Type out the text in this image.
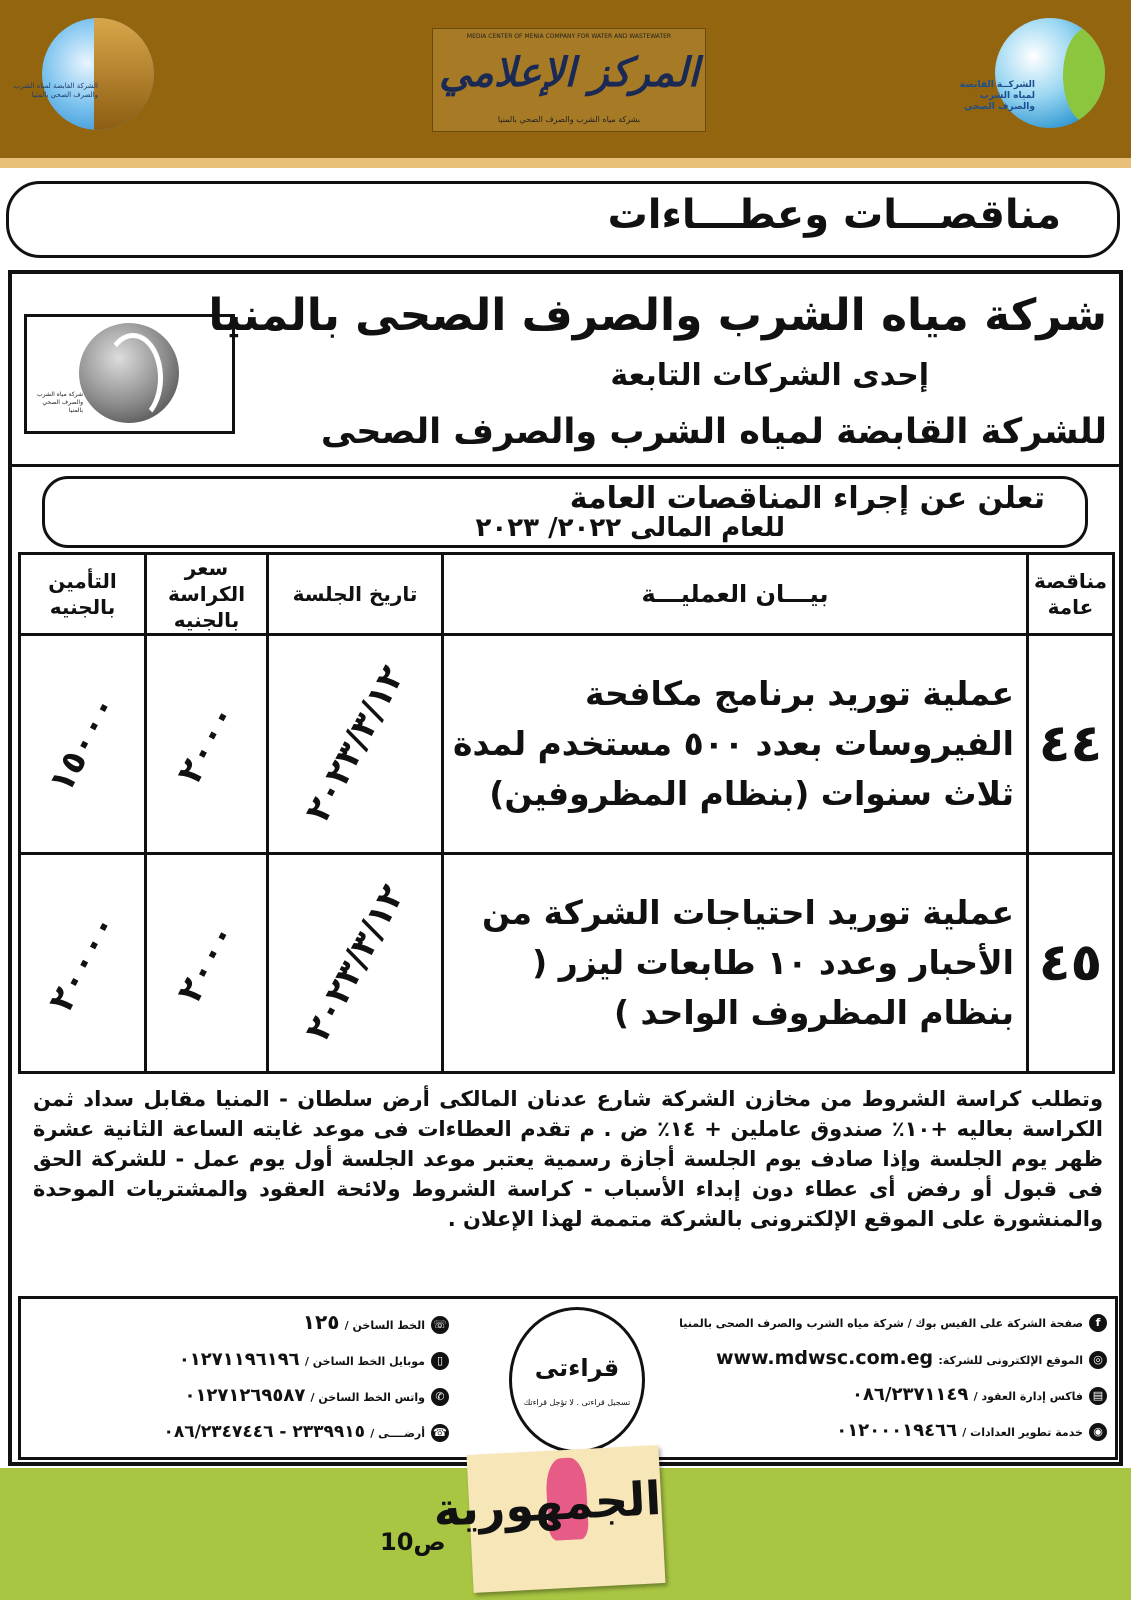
الشركة القابضة لمياه الشرب والصرف الصحي بالمنيا
MEDIA CENTER OF MENIA COMPANY FOR WATER AND WASTEWATER
المركز الإعلامي
بشركة مياه الشرب والصرف الصحي بالمنيا
الشركــة القابضة لمياه الشرب والصرف الصحي
مناقصـــات وعطـــاءات
شركة مياه الشرب والصرف الصحي بالمنيا
شركة مياه الشرب والصرف الصحى بالمنيا
إحدى الشركات التابعة
للشركة القابضة لمياه الشرب والصرف الصحى
تعلن عن إجراء المناقصات العامة
للعام المالى ٢٠٢٢/ ٢٠٢٣
مناقصة عامة	بيـــان العمليـــة	تاريخ الجلسة	سعر الكراسة بالجنيه	التأمين بالجنيه
٤٤	عملية توريد برنامج مكافحة الفيروسات بعدد ٥٠٠ مستخدم لمدة ثلاث سنوات (بنظام المظروفين)	٢٠٢٣/٣/١٢	٢٠٠٠	١٥٠٠٠
٤٥	عملية توريد احتياجات الشركة من الأحبار وعدد ١٠ طابعات ليزر ( بنظام المظروف الواحد )	٢٠٢٣/٣/١٢	٢٠٠٠	٢٠٠٠٠
وتطلب كراسة الشروط من مخازن الشركة شارع عدنان المالكى أرض سلطان - المنيا مقابل سداد ثمن الكراسة بعاليه +١٠٪ صندوق عاملين + ١٤٪ ض . م تقدم العطاءات فى موعد غايته الساعة الثانية عشرة ظهر يوم الجلسة وإذا صادف يوم الجلسة أجازة رسمية يعتبر موعد الجلسة أول يوم عمل - للشركة الحق فى قبول أو رفض أى عطاء دون إبداء الأسباب - كراسة الشروط ولائحة العقود والمشتريات الموحدة والمنشورة على الموقع الإلكترونى بالشركة متممة لهذا الإعلان .
fصفحة الشركة على الفيس بوك / شركة مياه الشرب والصرف الصحى بالمنيا
◎الموقع الإلكترونى للشركة: www.mdwsc.com.eg
▤فاكس إدارة العقود / ٠٨٦/٢٣٧١١٤٩
◉خدمة تطوير العدادات / ٠١٢٠٠٠١٩٤٦٦
قراءتى
تسجيل قراءتى . لا تؤجل قراءتك
☏الخط الساخن / ١٢٥
▯موبايل الخط الساخن / ٠١٢٧١١٩٦١٩٦
✆واتس الخط الساخن / ٠١٢٧١٢٦٩٥٨٧
☎أرضــــى / ٢٣٣٩٩١٥ - ٠٨٦/٢٣٤٧٤٤٦
الجمهورية
ص10
